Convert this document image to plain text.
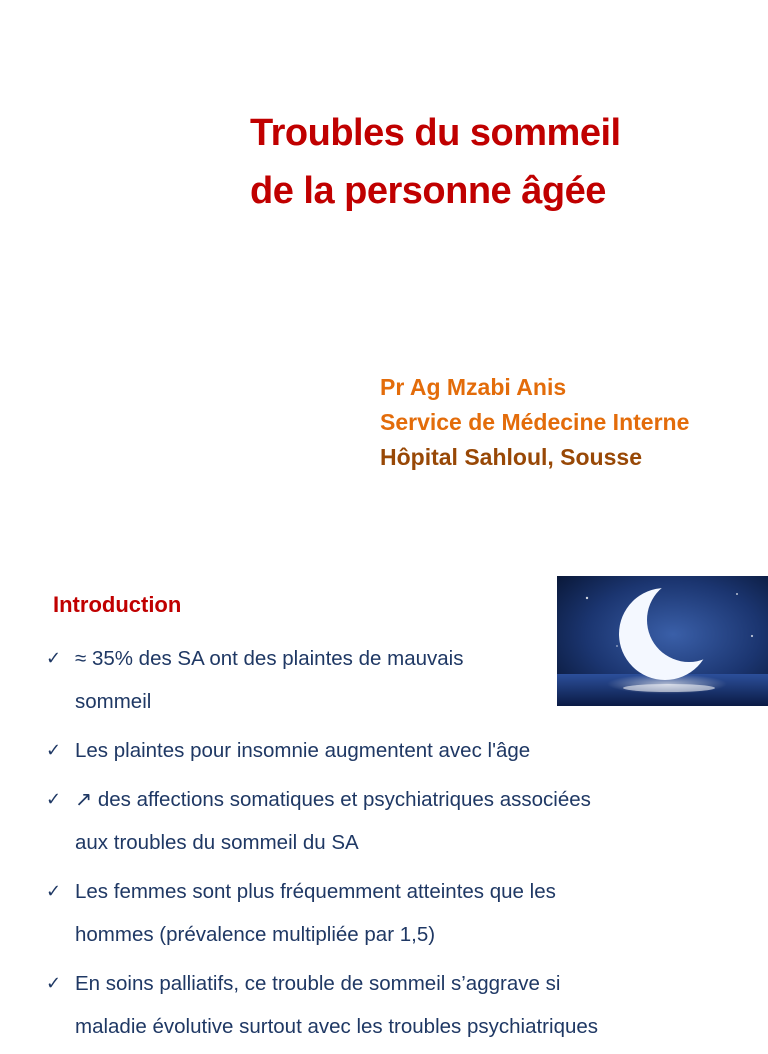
Troubles du sommeil
de la personne âgée
Pr Ag Mzabi Anis
Service de Médecine Interne
Hôpital Sahloul, Sousse
Introduction
✓ ≈ 35% des SA ont des plaintes de mauvais
sommeil
✓ Les plaintes pour insomnie augmentent avec l'âge
✓ ↗ des affections somatiques et psychiatriques associées
aux troubles du sommeil du SA
✓ Les femmes sont plus fréquemment atteintes que les
hommes (prévalence multipliée par 1,5)
✓ En soins palliatifs, ce trouble de sommeil s’aggrave si
maladie évolutive surtout avec les troubles psychiatriques
